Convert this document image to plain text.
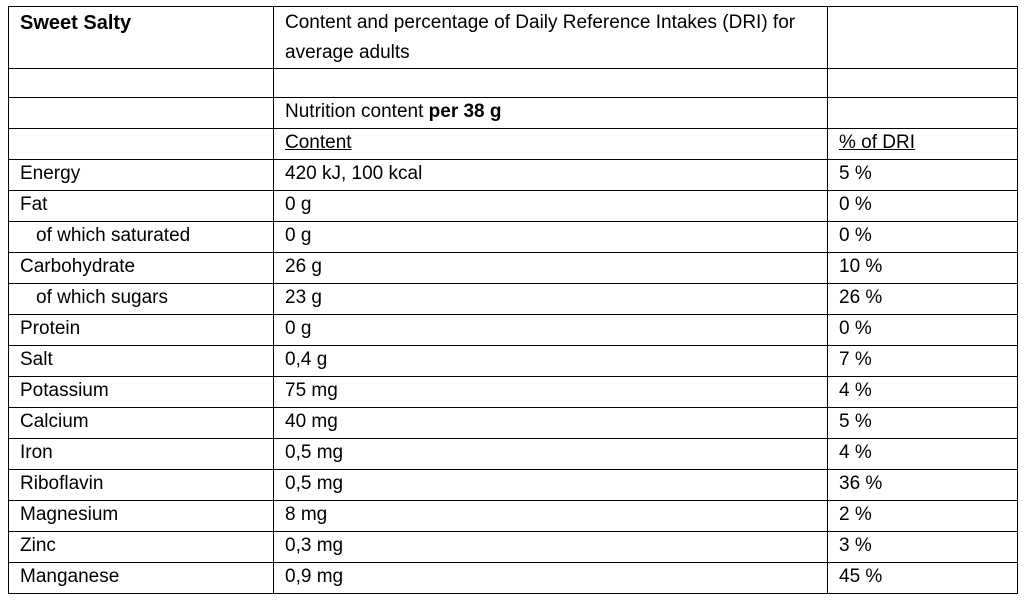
Sweet Salty	Content and percentage of Daily Reference Intakes (DRI) for average adults	

	Nutrition content per 38 g	
	Content	% of DRI
Energy	420 kJ, 100 kcal	5 %
Fat	0 g	0 %
of which saturated	0 g	0 %
Carbohydrate	26 g	10 %
of which sugars	23 g	26 %
Protein	0 g	0 %
Salt	0,4 g	7 %
Potassium	75 mg	4 %
Calcium	40 mg	5 %
Iron	0,5 mg	4 %
Riboflavin	0,5 mg	36 %
Magnesium	8 mg	2 %
Zinc	0,3 mg	3 %
Manganese	0,9 mg	45 %
